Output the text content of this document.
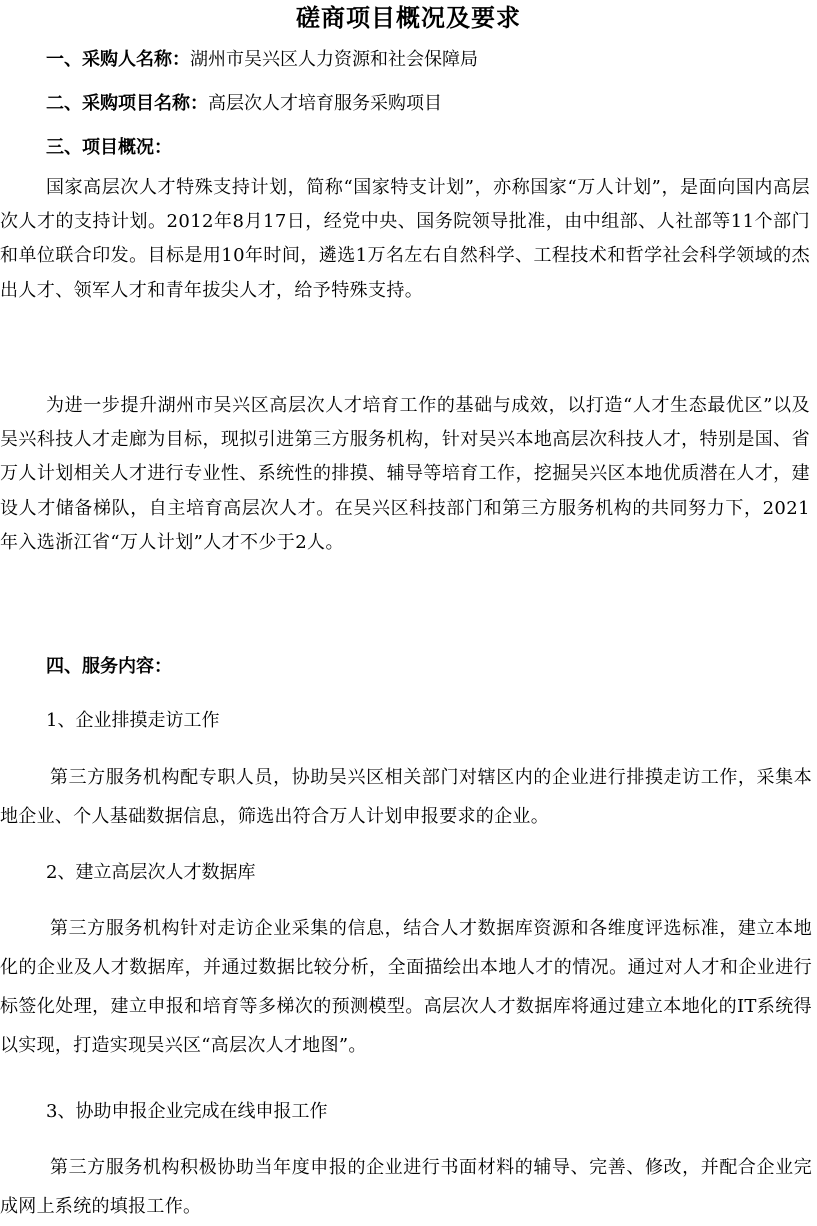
磋商项目概况及要求
一、采购人名称：湖州市吴兴区人力资源和社会保障局
二、采购项目名称：高层次人才培育服务采购项目
三、项目概况：
国家高层次人才特殊支持计划，简称“国家特支计划”，亦称国家“万人计划”，是面向国内高层次人才的支持计划。2012年8月17日，经党中央、国务院领导批准，由中组部、人社部等11个部门和单位联合印发。目标是用10年时间，遴选1万名左右自然科学、工程技术和哲学社会科学领域的杰出人才、领军人才和青年拔尖人才，给予特殊支持。
为进一步提升湖州市吴兴区高层次人才培育工作的基础与成效，以打造“人才生态最优区”以及吴兴科技人才走廊为目标，现拟引进第三方服务机构，针对吴兴本地高层次科技人才，特别是国、省万人计划相关人才进行专业性、系统性的排摸、辅导等培育工作，挖掘吴兴区本地优质潜在人才，建设人才储备梯队，自主培育高层次人才。在吴兴区科技部门和第三方服务机构的共同努力下，2021年入选浙江省“万人计划”人才不少于2人。
四、服务内容：
1、企业排摸走访工作
第三方服务机构配专职人员，协助吴兴区相关部门对辖区内的企业进行排摸走访工作，采集本地企业、个人基础数据信息，筛选出符合万人计划申报要求的企业。
2、建立高层次人才数据库
第三方服务机构针对走访企业采集的信息，结合人才数据库资源和各维度评选标准，建立本地化的企业及人才数据库，并通过数据比较分析，全面描绘出本地人才的情况。通过对人才和企业进行标签化处理，建立申报和培育等多梯次的预测模型。高层次人才数据库将通过建立本地化的IT系统得以实现，打造实现吴兴区“高层次人才地图”。
3、协助申报企业完成在线申报工作
第三方服务机构积极协助当年度申报的企业进行书面材料的辅导、完善、修改，并配合企业完成网上系统的填报工作。
